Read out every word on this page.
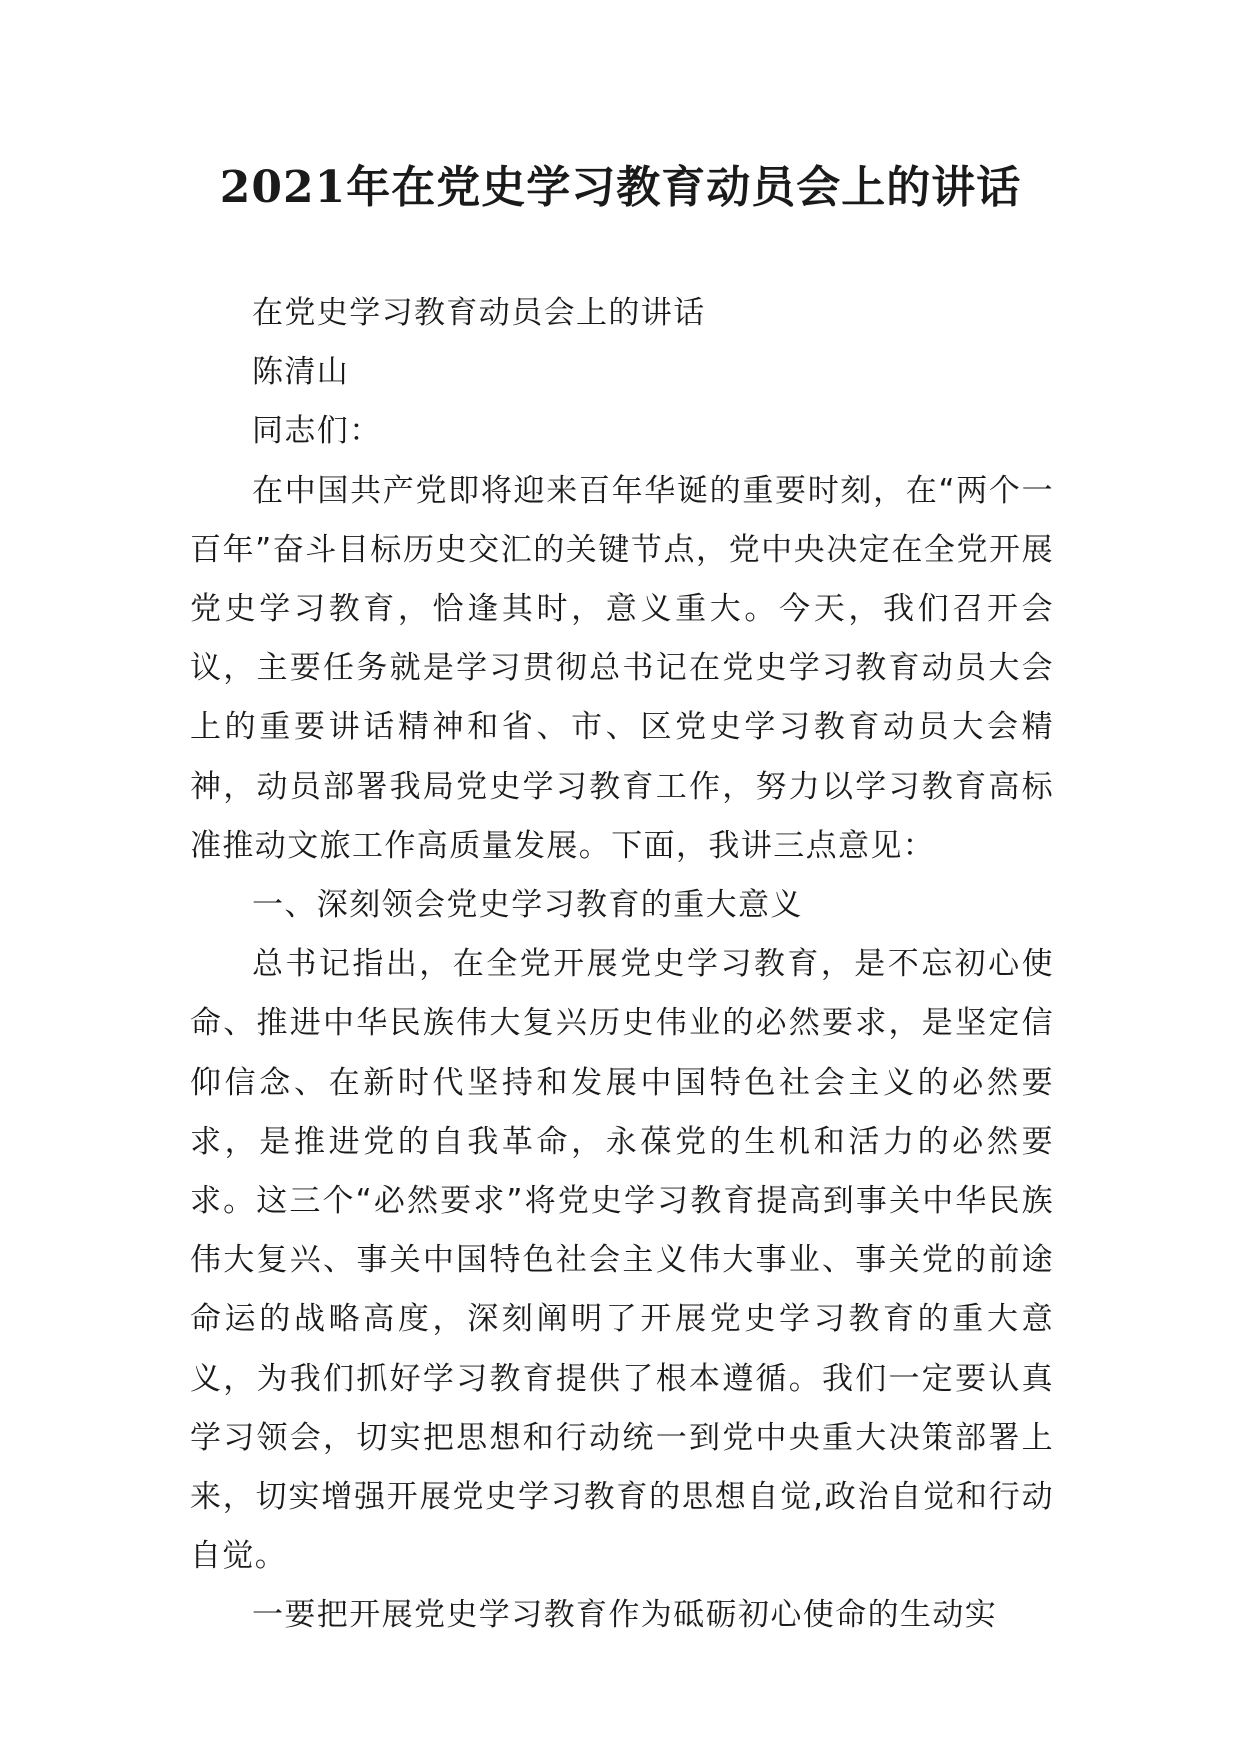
2021年在党史学习教育动员会上的讲话

在党史学习教育动员会上的讲话

陈清山

同志们：

在中国共产党即将迎来百年华诞的重要时刻，在“两个一百年”奋斗目标历史交汇的关键节点，党中央决定在全党开展党史学习教育，恰逢其时，意义重大。今天，我们召开会议，主要任务就是学习贯彻总书记在党史学习教育动员大会上的重要讲话精神和省、市、区党史学习教育动员大会精神，动员部署我局党史学习教育工作，努力以学习教育高标准推动文旅工作高质量发展。下面，我讲三点意见：

一、深刻领会党史学习教育的重大意义

总书记指出，在全党开展党史学习教育，是不忘初心使命、推进中华民族伟大复兴历史伟业的必然要求，是坚定信仰信念、在新时代坚持和发展中国特色社会主义的必然要求，是推进党的自我革命，永葆党的生机和活力的必然要求。这三个“必然要求”将党史学习教育提高到事关中华民族伟大复兴、事关中国特色社会主义伟大事业、事关党的前途命运的战略高度，深刻阐明了开展党史学习教育的重大意义，为我们抓好学习教育提供了根本遵循。我们一定要认真学习领会，切实把思想和行动统一到党中央重大决策部署上来，切实增强开展党史学习教育的思想自觉,政治自觉和行动自觉。

一要把开展党史学习教育作为砥砺初心使命的生动实
